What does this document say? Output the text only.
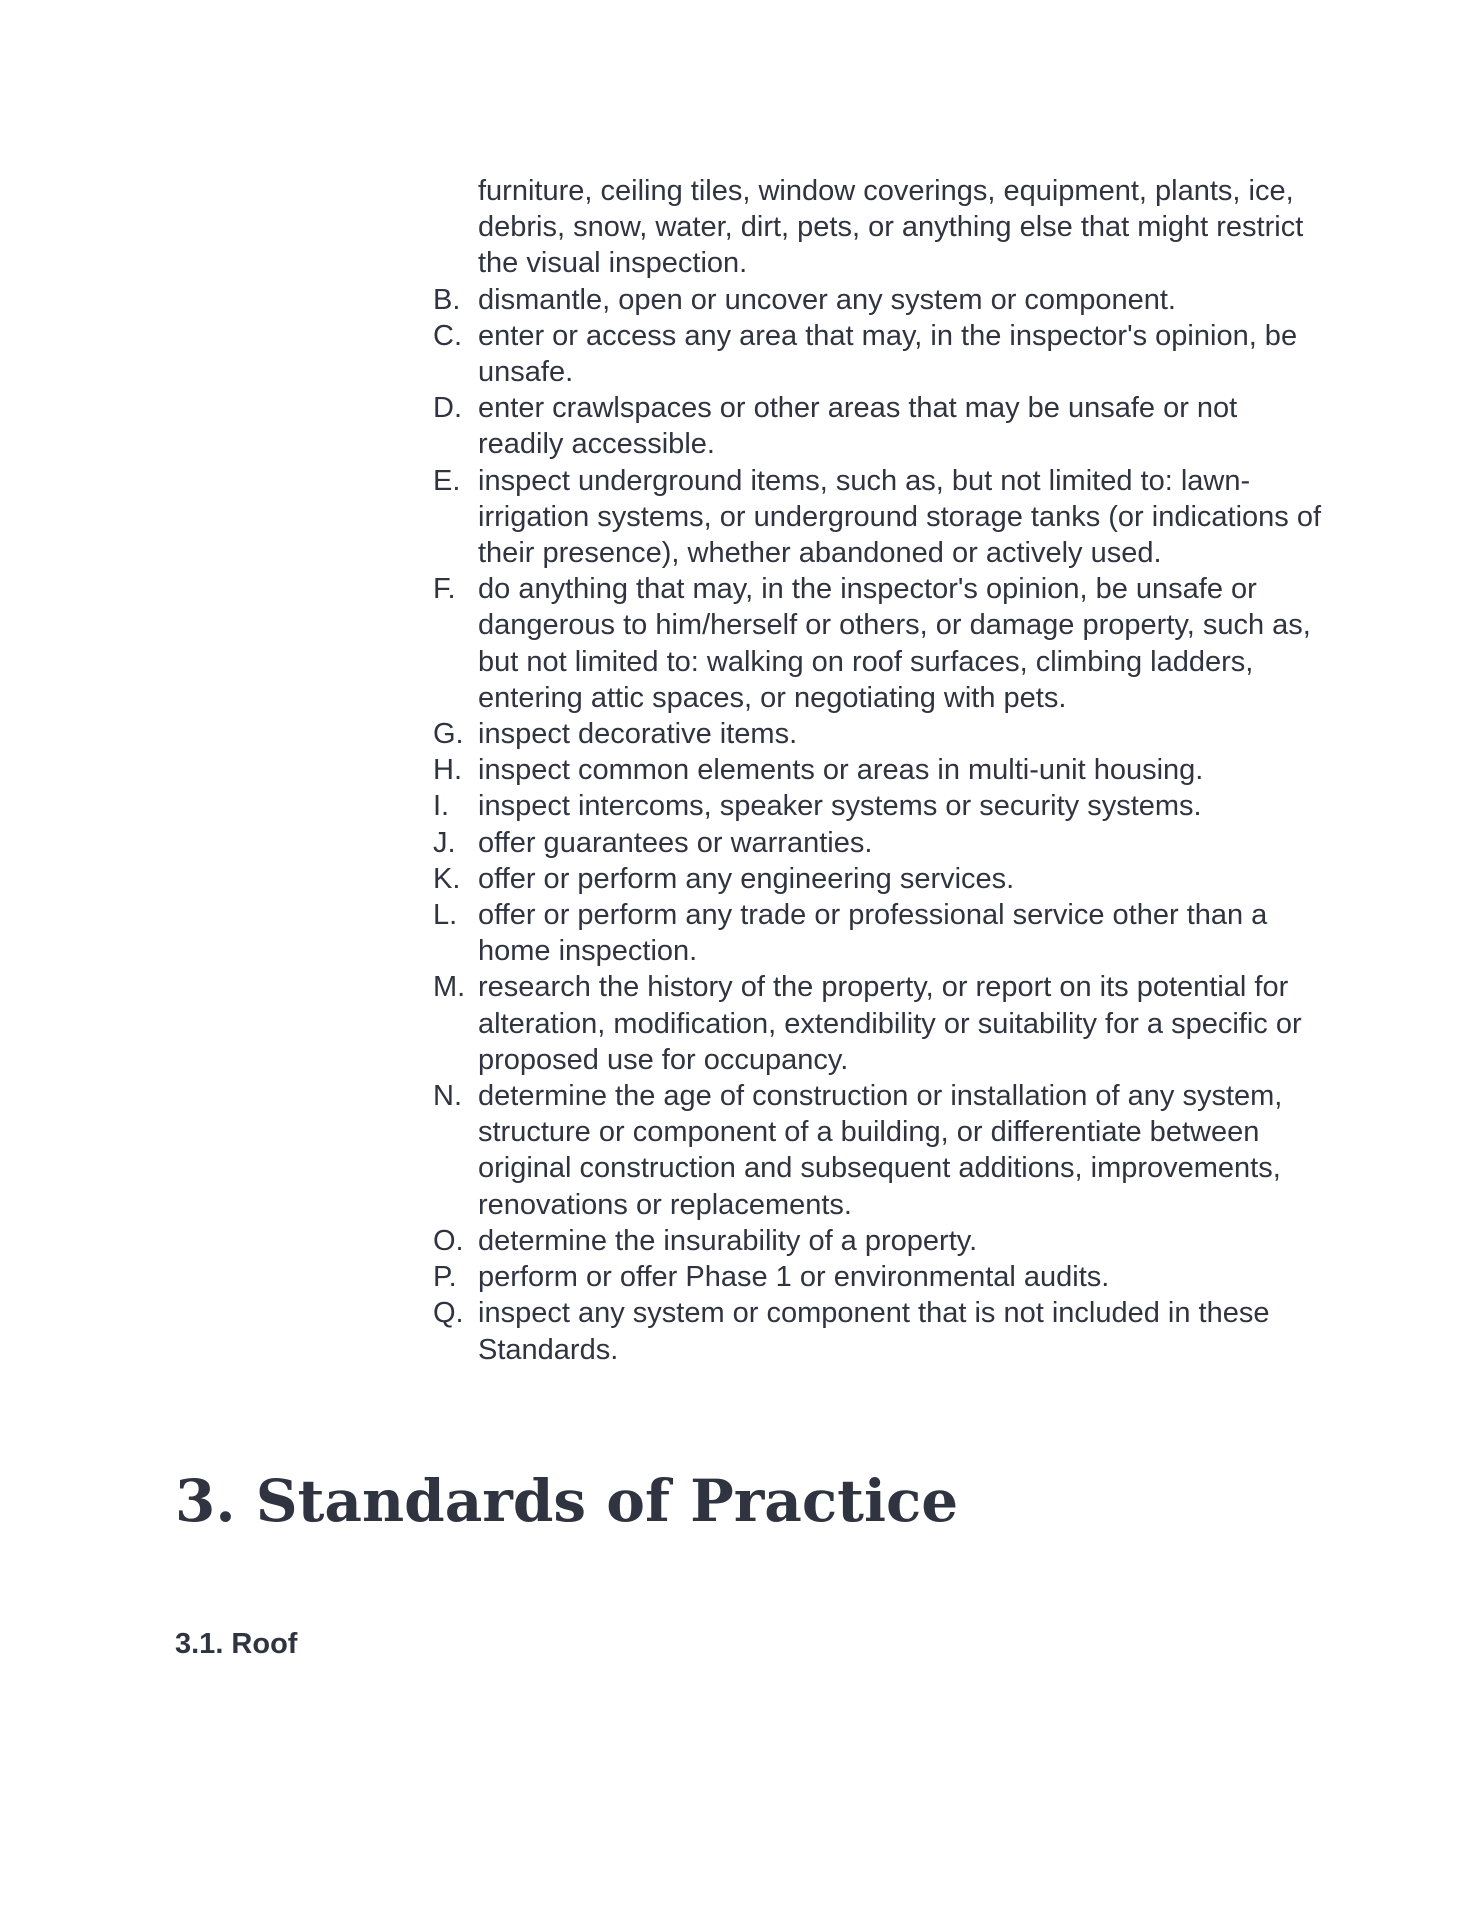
furniture, ceiling tiles, window coverings, equipment, plants, ice, debris, snow, water, dirt, pets, or anything else that might restrict the visual inspection.
B. dismantle, open or uncover any system or component.
C. enter or access any area that may, in the inspector's opinion, be unsafe.
D. enter crawlspaces or other areas that may be unsafe or not readily accessible.
E. inspect underground items, such as, but not limited to: lawn-irrigation systems, or underground storage tanks (or indications of their presence), whether abandoned or actively used.
F. do anything that may, in the inspector's opinion, be unsafe or dangerous to him/herself or others, or damage property, such as, but not limited to: walking on roof surfaces, climbing ladders, entering attic spaces, or negotiating with pets.
G. inspect decorative items.
H. inspect common elements or areas in multi-unit housing.
I. inspect intercoms, speaker systems or security systems.
J. offer guarantees or warranties.
K. offer or perform any engineering services.
L. offer or perform any trade or professional service other than a home inspection.
M. research the history of the property, or report on its potential for alteration, modification, extendibility or suitability for a specific or proposed use for occupancy.
N. determine the age of construction or installation of any system, structure or component of a building, or differentiate between original construction and subsequent additions, improvements, renovations or replacements.
O. determine the insurability of a property.
P. perform or offer Phase 1 or environmental audits.
Q. inspect any system or component that is not included in these Standards.
3. Standards of Practice
3.1. Roof
